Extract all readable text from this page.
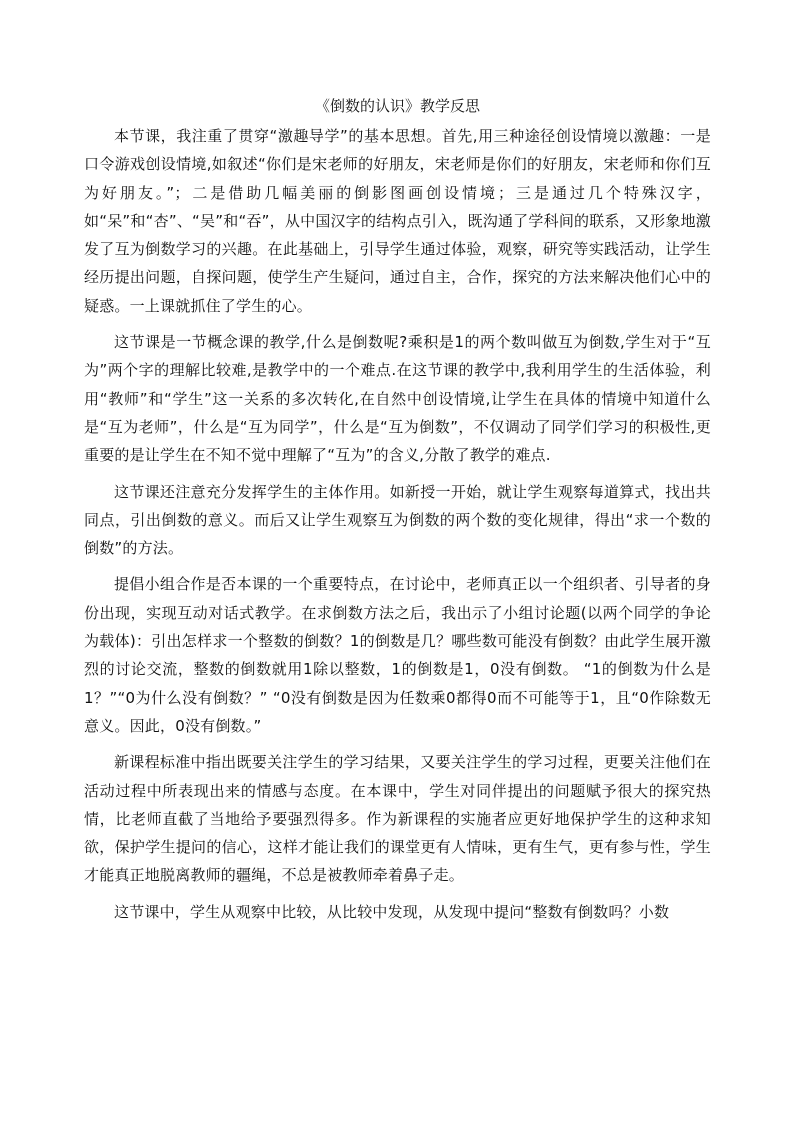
《倒数的认识》教学反思

本节课，我注重了贯穿“激趣导学”的基本思想。首先,用三种途径创设情境以激趣：一是口令游戏创设情境,如叙述“你们是宋老师的好朋友，宋老师是你们的好朋友，宋老师和你们互为好朋友。”；二是借助几幅美丽的倒影图画创设情境；三是通过几个特殊汉字，如“呆”和“杏”、“吴”和“吞”，从中国汉字的结构点引入，既沟通了学科间的联系，又形象地激发了互为倒数学习的兴趣。在此基础上，引导学生通过体验，观察，研究等实践活动，让学生经历提出问题，自探问题，使学生产生疑问，通过自主，合作，探究的方法来解决他们心中的疑惑。一上课就抓住了学生的心。

这节课是一节概念课的教学,什么是倒数呢?乘积是1的两个数叫做互为倒数,学生对于“互为”两个字的理解比较难,是教学中的一个难点.在这节课的教学中,我利用学生的生活体验，利用“教师”和“学生”这一关系的多次转化,在自然中创设情境,让学生在具体的情境中知道什么是“互为老师”，什么是“互为同学”，什么是“互为倒数”，不仅调动了同学们学习的积极性,更重要的是让学生在不知不觉中理解了“互为”的含义,分散了教学的难点.

这节课还注意充分发挥学生的主体作用。如新授一开始，就让学生观察每道算式，找出共同点，引出倒数的意义。而后又让学生观察互为倒数的两个数的变化规律，得出“求一个数的倒数”的方法。

提倡小组合作是否本课的一个重要特点，在讨论中，老师真正以一个组织者、引导者的身份出现，实现互动对话式教学。在求倒数方法之后，我出示了小组讨论题(以两个同学的争论为载体)：引出怎样求一个整数的倒数？1的倒数是几？哪些数可能没有倒数？由此学生展开激烈的讨论交流，整数的倒数就用1除以整数，1的倒数是1，0没有倒数。 “1的倒数为什么是1？”“0为什么没有倒数？” “0没有倒数是因为任数乘0都得0而不可能等于1，且“0作除数无意义。因此，0没有倒数。”

新课程标准中指出既要关注学生的学习结果，又要关注学生的学习过程，更要关注他们在活动过程中所表现出来的情感与态度。在本课中，学生对同伴提出的问题赋予很大的探究热情，比老师直截了当地给予要强烈得多。作为新课程的实施者应更好地保护学生的这种求知欲，保护学生提问的信心，这样才能让我们的课堂更有人情味，更有生气，更有参与性，学生才能真正地脱离教师的疆绳，不总是被教师牵着鼻子走。

这节课中，学生从观察中比较，从比较中发现，从发现中提问“整数有倒数吗？小数
